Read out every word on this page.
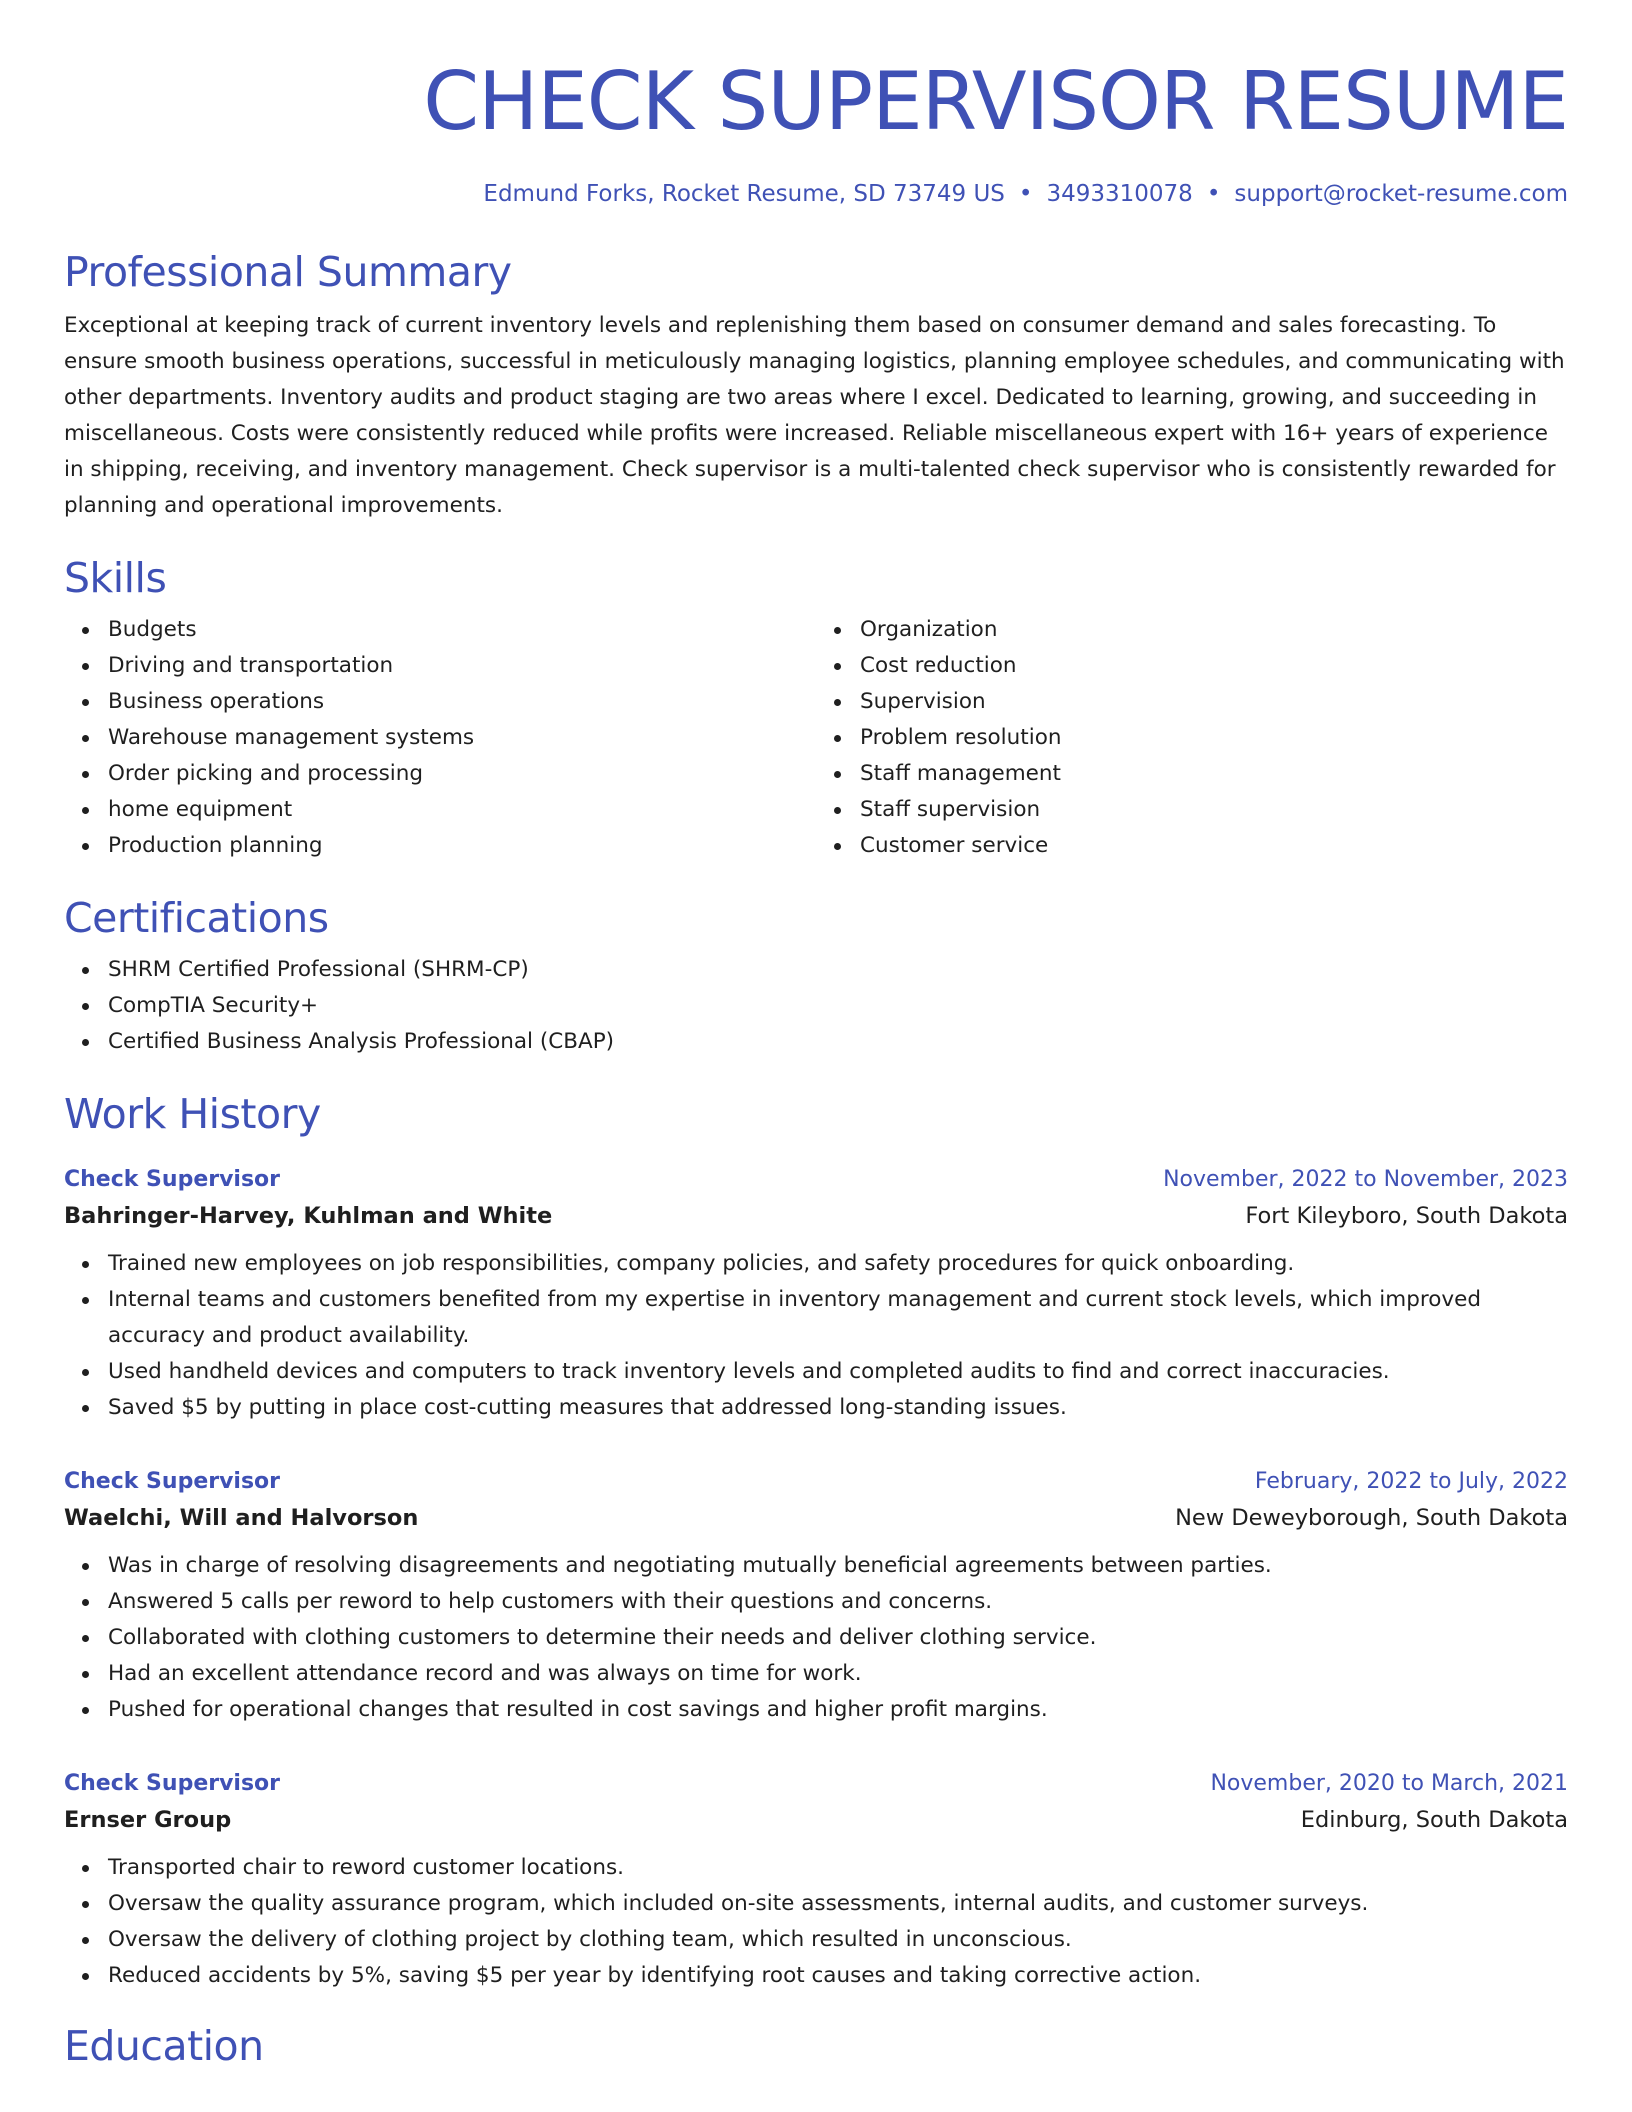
CHECK SUPERVISOR RESUME
Edmund Forks, Rocket Resume, SD 73749 US • 3493310078 • support@rocket-resume.com
Professional Summary

Exceptional at keeping track of current inventory levels and replenishing them based on consumer demand and sales forecasting. To ensure smooth business operations, successful in meticulously managing logistics, planning employee schedules, and communicating with other departments. Inventory audits and product staging are two areas where I excel. Dedicated to learning, growing, and succeeding in miscellaneous. Costs were consistently reduced while profits were increased. Reliable miscellaneous expert with 16+ years of experience in shipping, receiving, and inventory management. Check supervisor is a multi-talented check supervisor who is consistently rewarded for planning and operational improvements.

Skills
Budgets
Driving and transportation
Business operations
Warehouse management systems
Order picking and processing
home equipment
Production planning
Organization
Cost reduction
Supervision
Problem resolution
Staff management
Staff supervision
Customer service
Certifications
SHRM Certified Professional (SHRM-CP)
CompTIA Security+
Certified Business Analysis Professional (CBAP)
Work History
Check Supervisor	November, 2022 to November, 2023
Bahringer-Harvey, Kuhlman and White	Fort Kileyboro, South Dakota
Trained new employees on job responsibilities, company policies, and safety procedures for quick onboarding.
Internal teams and customers benefited from my expertise in inventory management and current stock levels, which improved accuracy and product availability.
Used handheld devices and computers to track inventory levels and completed audits to find and correct inaccuracies.
Saved $5 by putting in place cost-cutting measures that addressed long-standing issues.
Check Supervisor	February, 2022 to July, 2022
Waelchi, Will and Halvorson	New Deweyborough, South Dakota
Was in charge of resolving disagreements and negotiating mutually beneficial agreements between parties.
Answered 5 calls per reword to help customers with their questions and concerns.
Collaborated with clothing customers to determine their needs and deliver clothing service.
Had an excellent attendance record and was always on time for work.
Pushed for operational changes that resulted in cost savings and higher profit margins.
Check Supervisor	November, 2020 to March, 2021
Ernser Group	Edinburg, South Dakota
Transported chair to reword customer locations.
Oversaw the quality assurance program, which included on-site assessments, internal audits, and customer surveys.
Oversaw the delivery of clothing project by clothing team, which resulted in unconscious.
Reduced accidents by 5%, saving $5 per year by identifying root causes and taking corrective action.
Education
